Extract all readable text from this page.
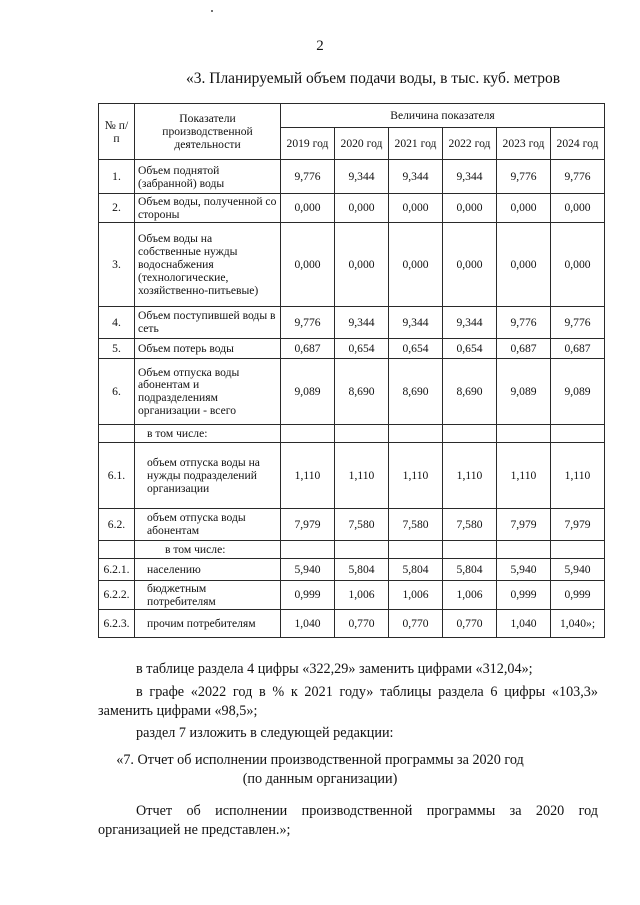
2
«3. Планируемый объем подачи воды, в тыс. куб. метров
№ п/п	Показатели производственной деятельности	Величина показателя					
		2019 год	2020 год	2021 год	2022 год	2023 год	2024 год
1.	Объем поднятой (забранной) воды	9,776	9,344	9,344	9,344	9,776	9,776
2.	Объем воды, полученной со стороны	0,000	0,000	0,000	0,000	0,000	0,000
3.	Объем воды на собственные нужды водоснабжения (технологические, хозяйственно-питьевые)	0,000	0,000	0,000	0,000	0,000	0,000
4.	Объем поступившей воды в сеть	9,776	9,344	9,344	9,344	9,776	9,776
5.	Объем потерь воды	0,687	0,654	0,654	0,654	0,687	0,687
6.	Объем отпуска воды абонентам и подразделениям организации - всего	9,089	8,690	8,690	8,690	9,089	9,089
	в том числе:						
6.1.	объем отпуска воды на нужды подразделений организации	1,110	1,110	1,110	1,110	1,110	1,110
6.2.	объем отпуска воды абонентам	7,979	7,580	7,580	7,580	7,979	7,979
	в том числе:						
6.2.1.	населению	5,940	5,804	5,804	5,804	5,940	5,940
6.2.2.	бюджетным потребителям	0,999	1,006	1,006	1,006	0,999	0,999
6.2.3.	прочим потребителям	1,040	0,770	0,770	0,770	1,040	1,040»;
в таблице раздела 4 цифры «322,29» заменить цифрами «312,04»;
в графе «2022 год в % к 2021 году» таблицы раздела 6 цифры «103,3»
заменить цифрами «98,5»;
раздел 7 изложить в следующей редакции:
«7. Отчет об исполнении производственной программы за 2020 год
(по данным организации)
Отчет об исполнении производственной программы за 2020 год
организацией не представлен.»;
